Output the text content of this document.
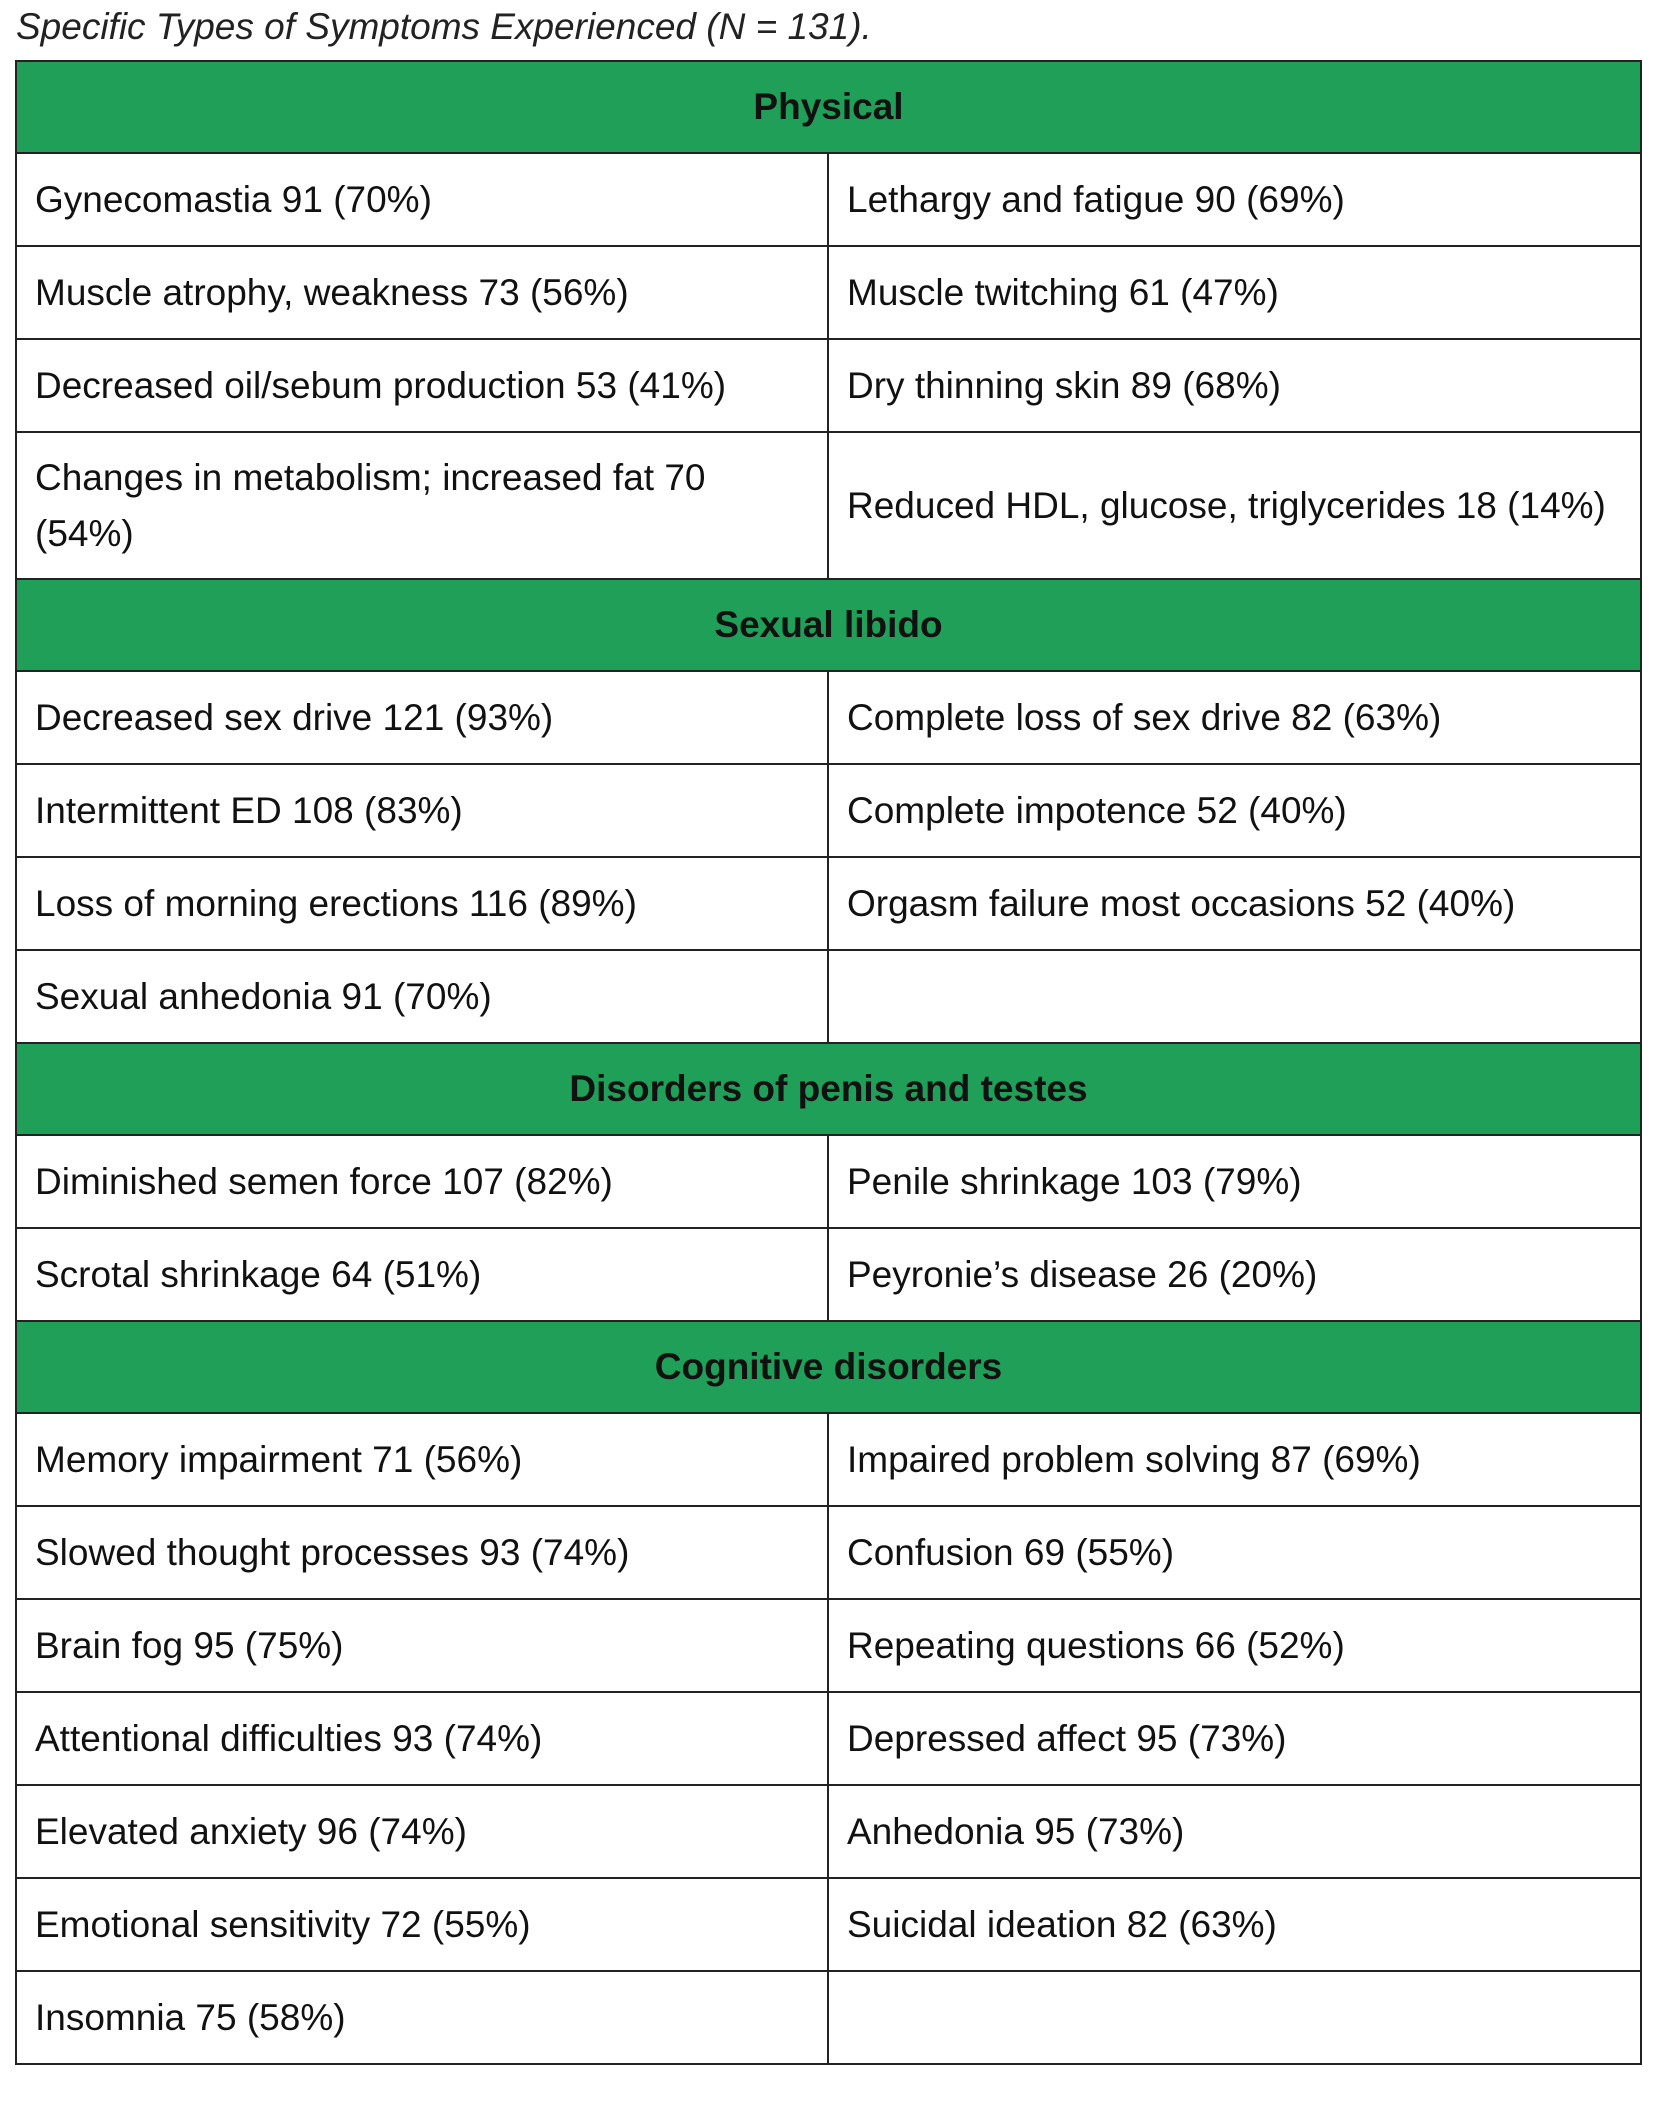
Specific Types of Symptoms Experienced (N = 131).
Physical	
Gynecomastia 91 (70%)	Lethargy and fatigue 90 (69%)
Muscle atrophy, weakness 73 (56%)	Muscle twitching 61 (47%)
Decreased oil/sebum production 53 (41%)	Dry thinning skin 89 (68%)
Changes in metabolism; increased fat 70 (54%)	Reduced HDL, glucose, triglycerides 18 (14%)
Sexual libido	
Decreased sex drive 121 (93%)	Complete loss of sex drive 82 (63%)
Intermittent ED 108 (83%)	Complete impotence 52 (40%)
Loss of morning erections 116 (89%)	Orgasm failure most occasions 52 (40%)
Sexual anhedonia 91 (70%)	
Disorders of penis and testes	
Diminished semen force 107 (82%)	Penile shrinkage 103 (79%)
Scrotal shrinkage 64 (51%)	Peyronie’s disease 26 (20%)
Cognitive disorders	
Memory impairment 71 (56%)	Impaired problem solving 87 (69%)
Slowed thought processes 93 (74%)	Confusion 69 (55%)
Brain fog 95 (75%)	Repeating questions 66 (52%)
Attentional difficulties 93 (74%)	Depressed affect 95 (73%)
Elevated anxiety 96 (74%)	Anhedonia 95 (73%)
Emotional sensitivity 72 (55%)	Suicidal ideation 82 (63%)
Insomnia 75 (58%)	
